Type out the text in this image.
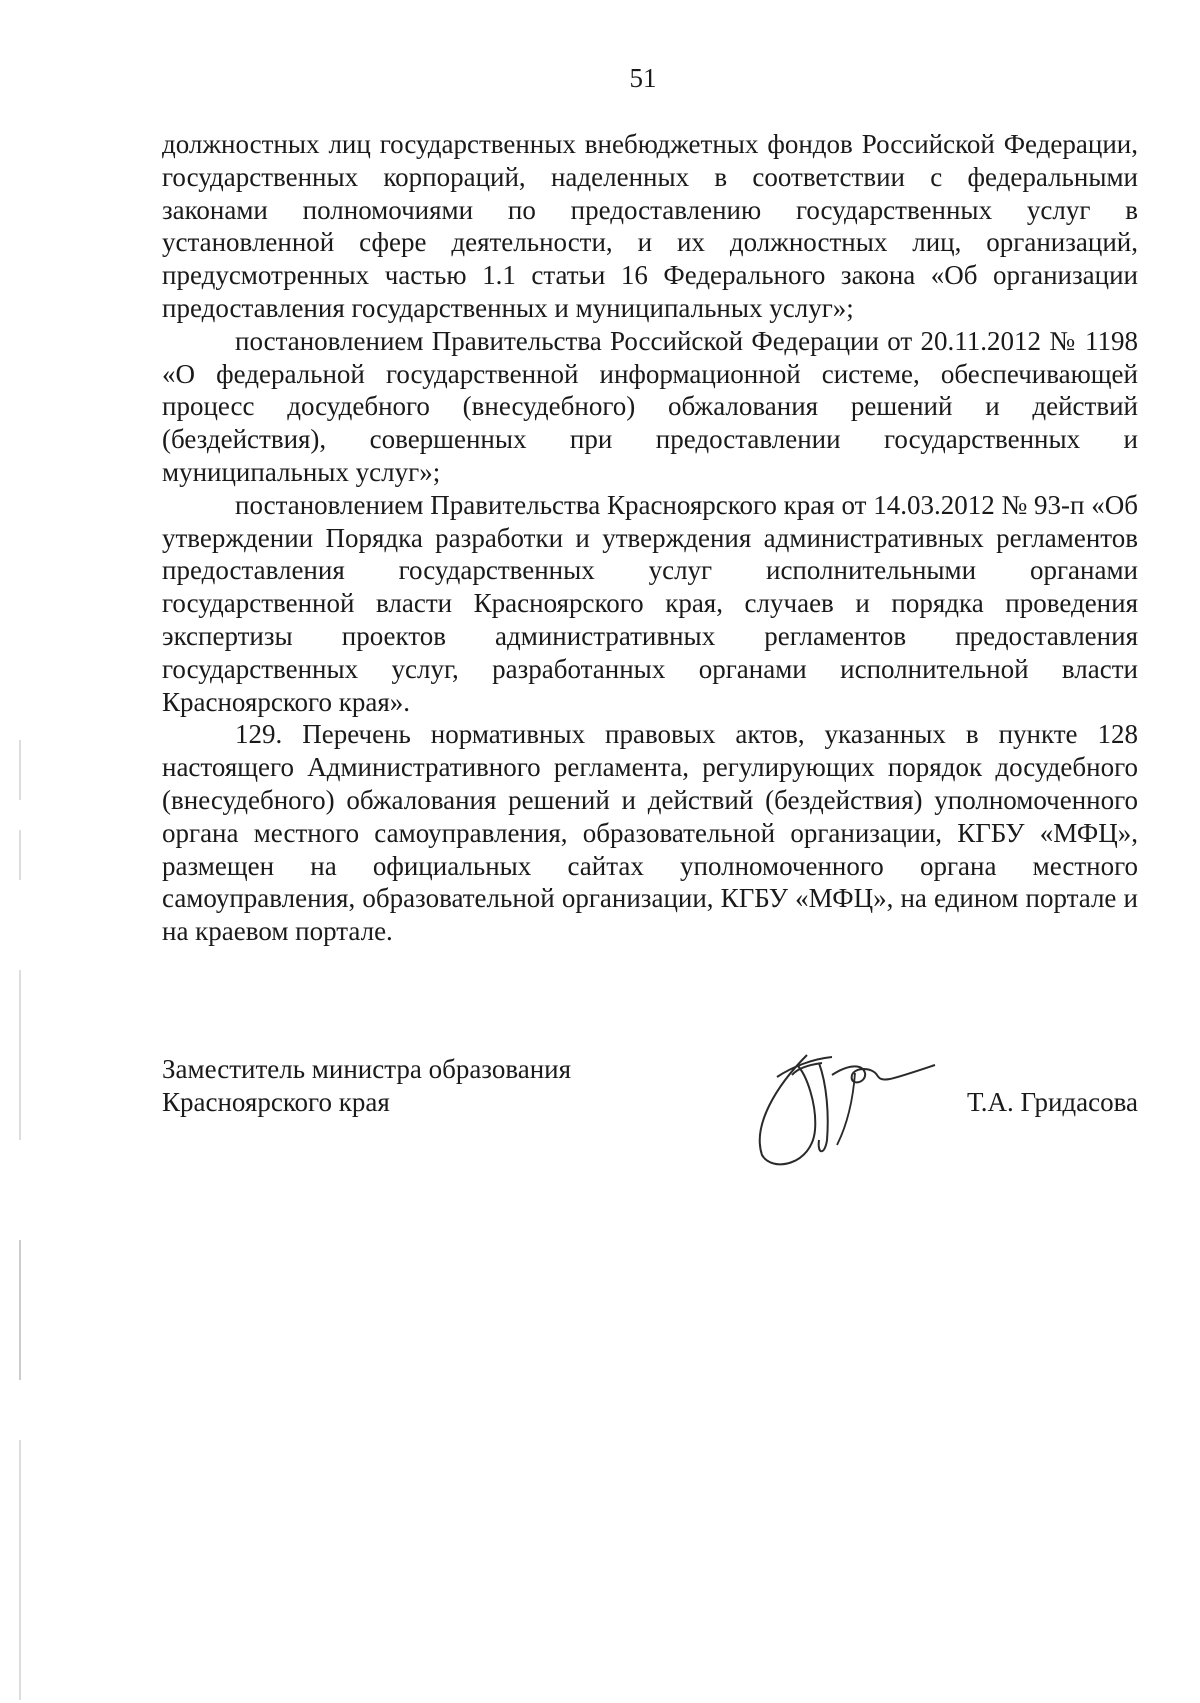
51

должностных лиц государственных внебюджетных фондов Российской Федерации, государственных корпораций, наделенных в соответствии с федеральными законами полномочиями по предоставлению государственных услуг в установленной сфере деятельности, и их должностных лиц, организаций, предусмотренных частью 1.1 статьи 16 Федерального закона «Об организации предоставления государственных и муниципальных услуг»;

постановлением Правительства Российской Федерации от 20.11.2012 № 1198 «О федеральной государственной информационной системе, обеспечивающей процесс досудебного (внесудебного) обжалования решений и действий (бездействия), совершенных при предоставлении государственных и муниципальных услуг»;

постановлением Правительства Красноярского края от 14.03.2012 № 93-п «Об утверждении Порядка разработки и утверждения административных регламентов предоставления государственных услуг исполнительными органами государственной власти Красноярского края, случаев и порядка проведения экспертизы проектов административных регламентов предоставления государственных услуг, разработанных органами исполнительной власти Красноярского края».

129. Перечень нормативных правовых актов, указанных в пункте 128 настоящего Административного регламента, регулирующих порядок досудебного (внесудебного) обжалования решений и действий (бездействия) уполномоченного органа местного самоуправления, образовательной организации, КГБУ «МФЦ», размещен на официальных сайтах уполномоченного органа местного самоуправления, образовательной организации, КГБУ «МФЦ», на едином портале и на краевом портале.

Заместитель министра образования
Красноярского края	Т.А. Гридасова
